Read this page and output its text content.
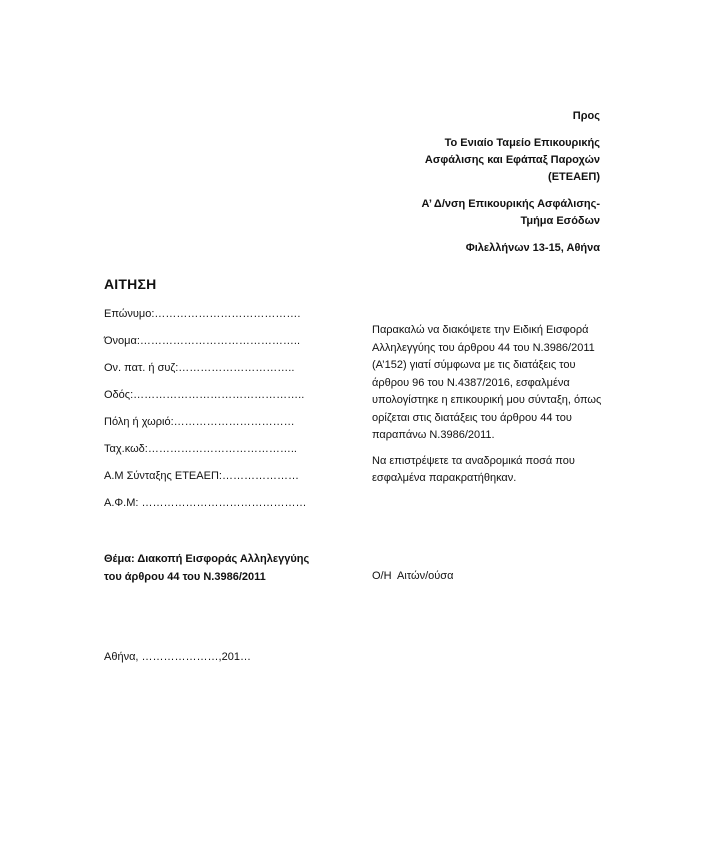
Προς

Το Ενιαίο Ταμείο Επικουρικής
Ασφάλισης και Εφάπαξ Παροχών
(ΕΤΕΑΕΠ)

Α’ Δ/νση Επικουρικής Ασφάλισης-
Τμήμα Εσόδων

Φιλελλήνων 13-15, Αθήνα

ΑΙΤΗΣΗ
Επώνυμο:………………………………….
Όνομα:……………………………………..
Ον. πατ. ή συζ:…………………………..
Οδός:………………………………………..
Πόλη ή χωριό:……………………………
Ταχ.κωδ:…………………………………..
Α.Μ Σύνταξης ΕΤΕΑΕΠ:…………………
Α.Φ.Μ: ………………………………………

Παρακαλώ να διακόψετε την Ειδική Εισφορά Αλληλεγγύης του άρθρου 44 του Ν.3986/2011 (Α’152) γιατί σύμφωνα με τις διατάξεις του άρθρου 96 του Ν.4387/2016, εσφαλμένα υπολογίστηκε η επικουρική μου σύνταξη, όπως ορίζεται στις διατάξεις του άρθρου 44 του παραπάνω Ν.3986/2011.

Να επιστρέψετε τα αναδρομικά ποσά που εσφαλμένα παρακρατήθηκαν.

Θέμα: Διακοπή Εισφοράς Αλληλεγγύης
του άρθρου 44 του Ν.3986/2011	Ο/Η  Αιτών/ούσα
Αθήνα, …………………,201…
